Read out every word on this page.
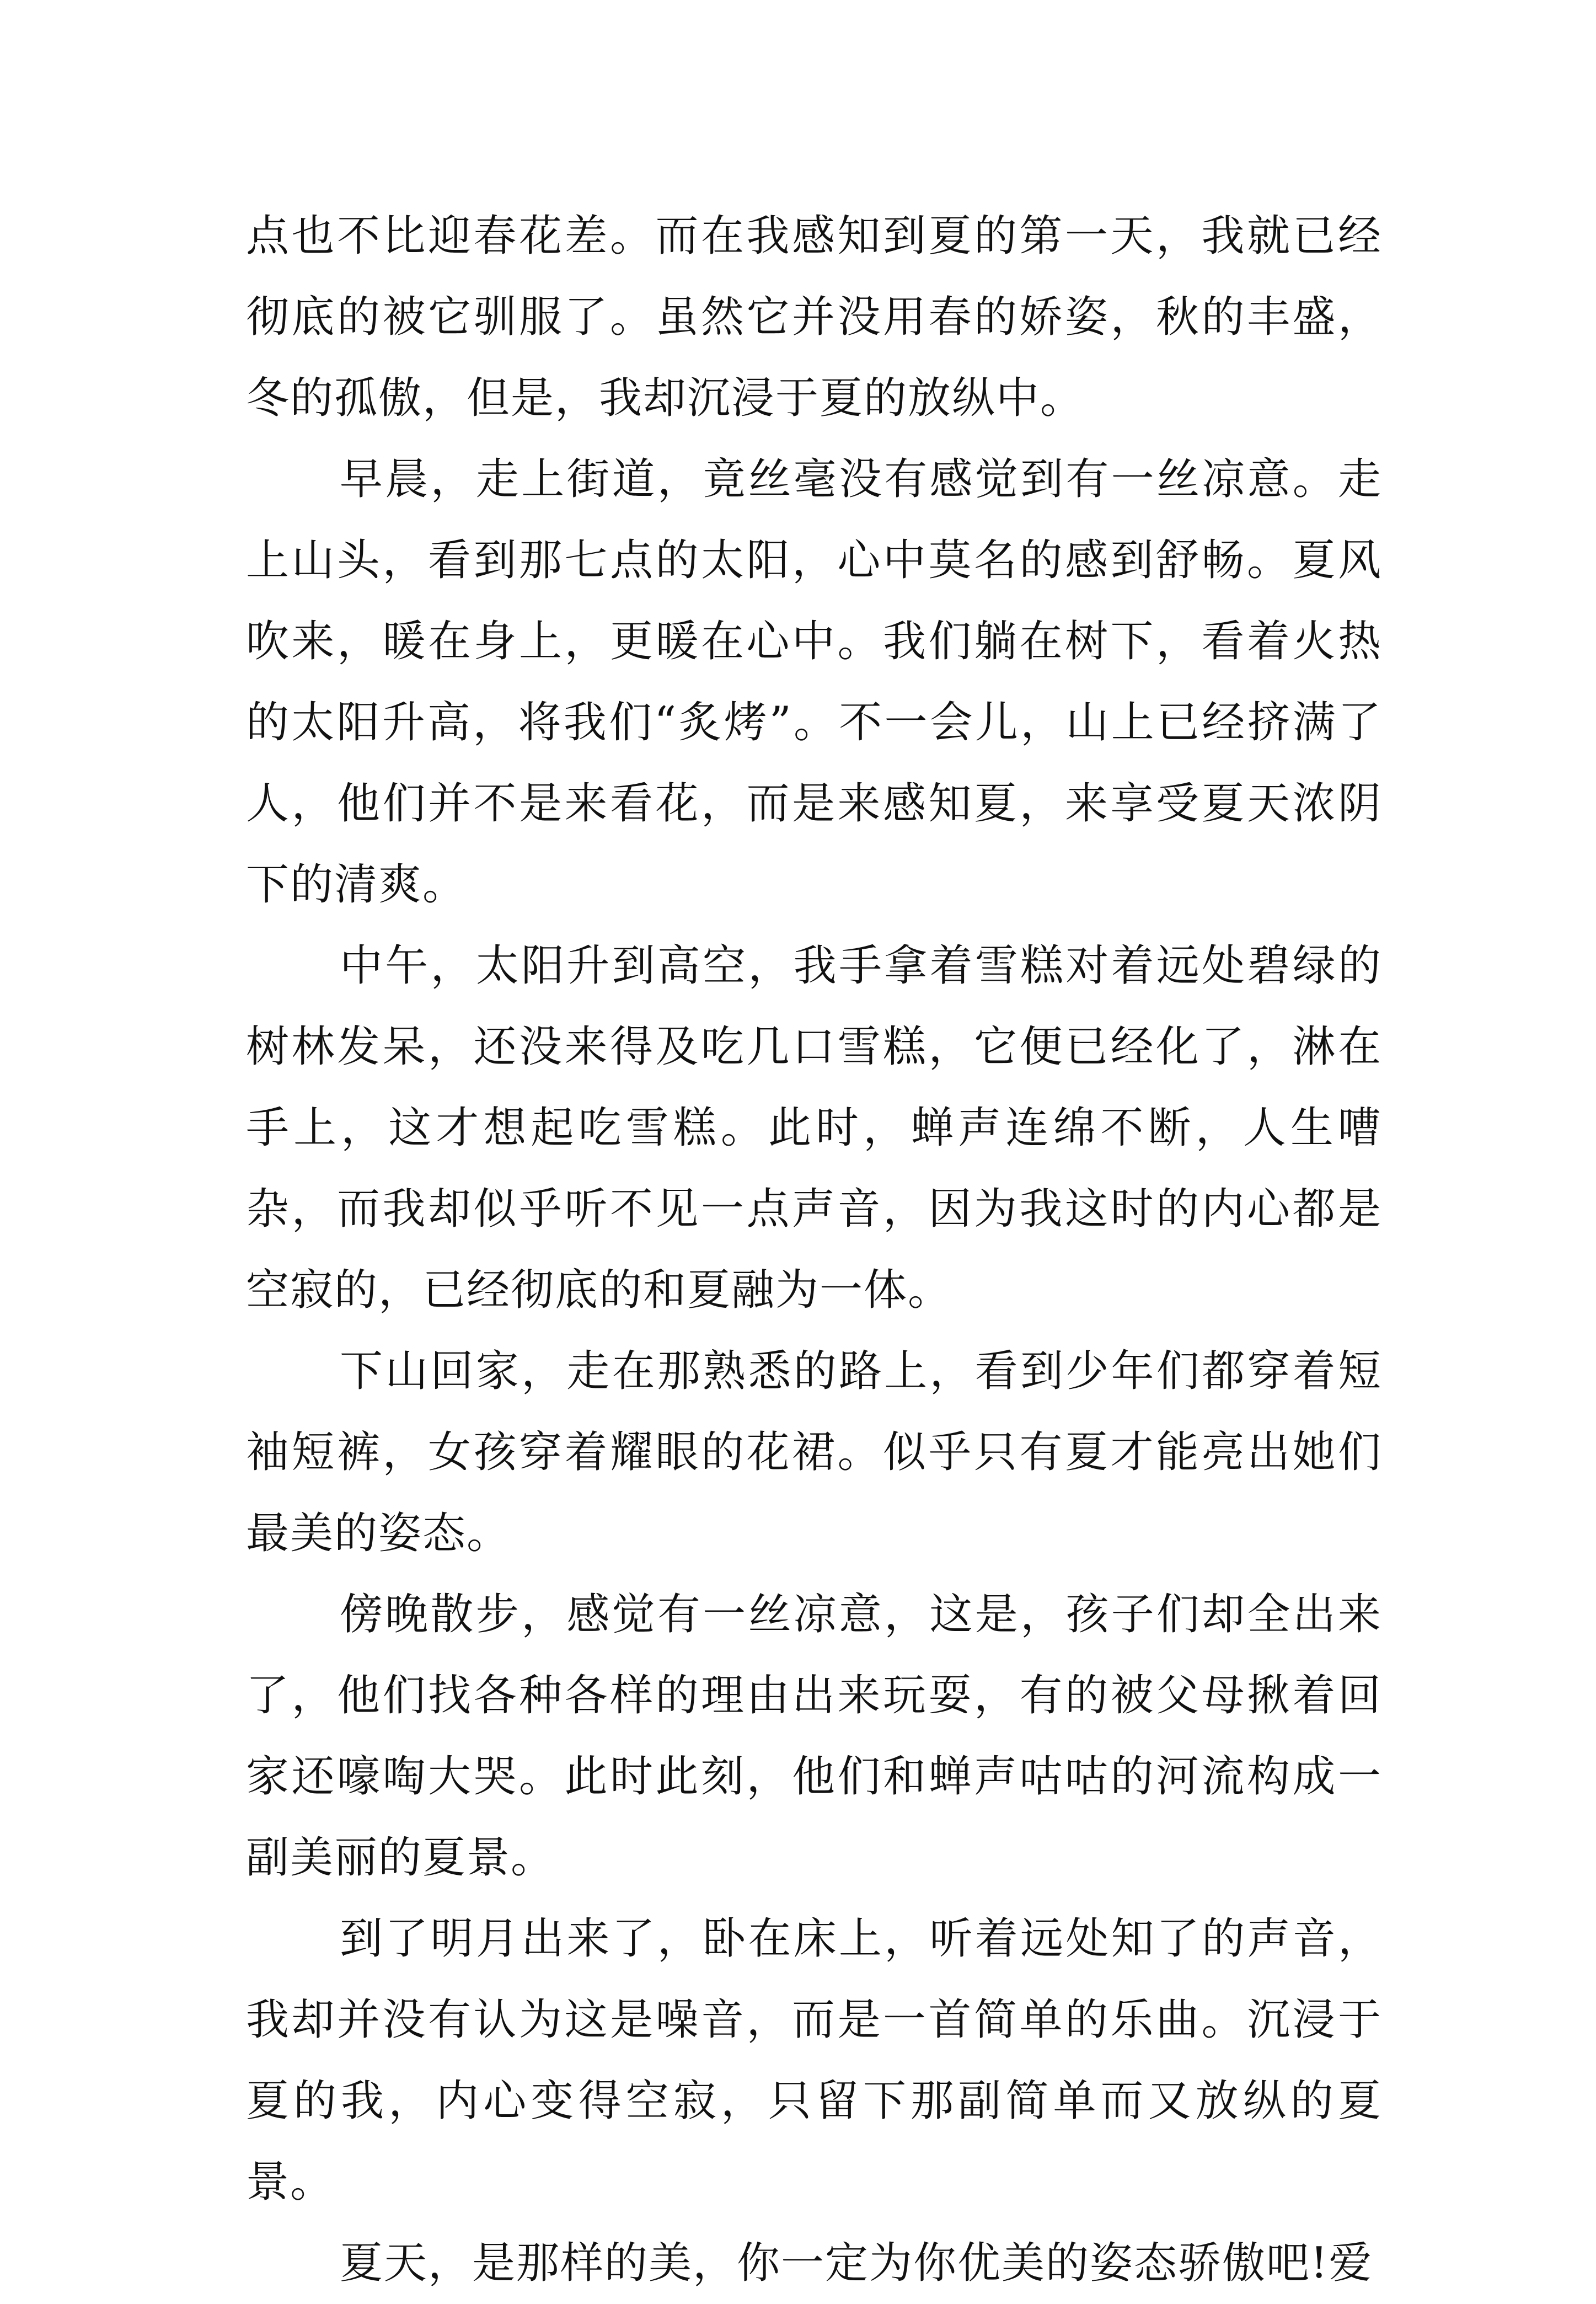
点也不比迎春花差。而在我感知到夏的第一天，我就已经彻底的被它驯服了。虽然它并没用春的娇姿，秋的丰盛，冬的孤傲，但是，我却沉浸于夏的放纵中。

早晨，走上街道，竟丝毫没有感觉到有一丝凉意。走上山头，看到那七点的太阳，心中莫名的感到舒畅。夏风吹来，暖在身上，更暖在心中。我们躺在树下，看着火热的太阳升高，将我们“炙烤”。不一会儿，山上已经挤满了人，他们并不是来看花，而是来感知夏，来享受夏天浓阴下的清爽。

中午，太阳升到高空，我手拿着雪糕对着远处碧绿的树林发呆，还没来得及吃几口雪糕，它便已经化了，淋在手上，这才想起吃雪糕。此时，蝉声连绵不断，人生嘈杂，而我却似乎听不见一点声音，因为我这时的内心都是空寂的，已经彻底的和夏融为一体。

下山回家，走在那熟悉的路上，看到少年们都穿着短袖短裤，女孩穿着耀眼的花裙。似乎只有夏才能亮出她们最美的姿态。

傍晚散步，感觉有一丝凉意，这是，孩子们却全出来了，他们找各种各样的理由出来玩耍，有的被父母揪着回家还嚎啕大哭。此时此刻，他们和蝉声咕咕的河流构成一副美丽的夏景。

到了明月出来了，卧在床上，听着远处知了的声音，我却并没有认为这是噪音，而是一首简单的乐曲。沉浸于夏的我，内心变得空寂，只留下那副简单而又放纵的夏景。

夏天，是那样的美，你一定为你优美的姿态骄傲吧!爱
